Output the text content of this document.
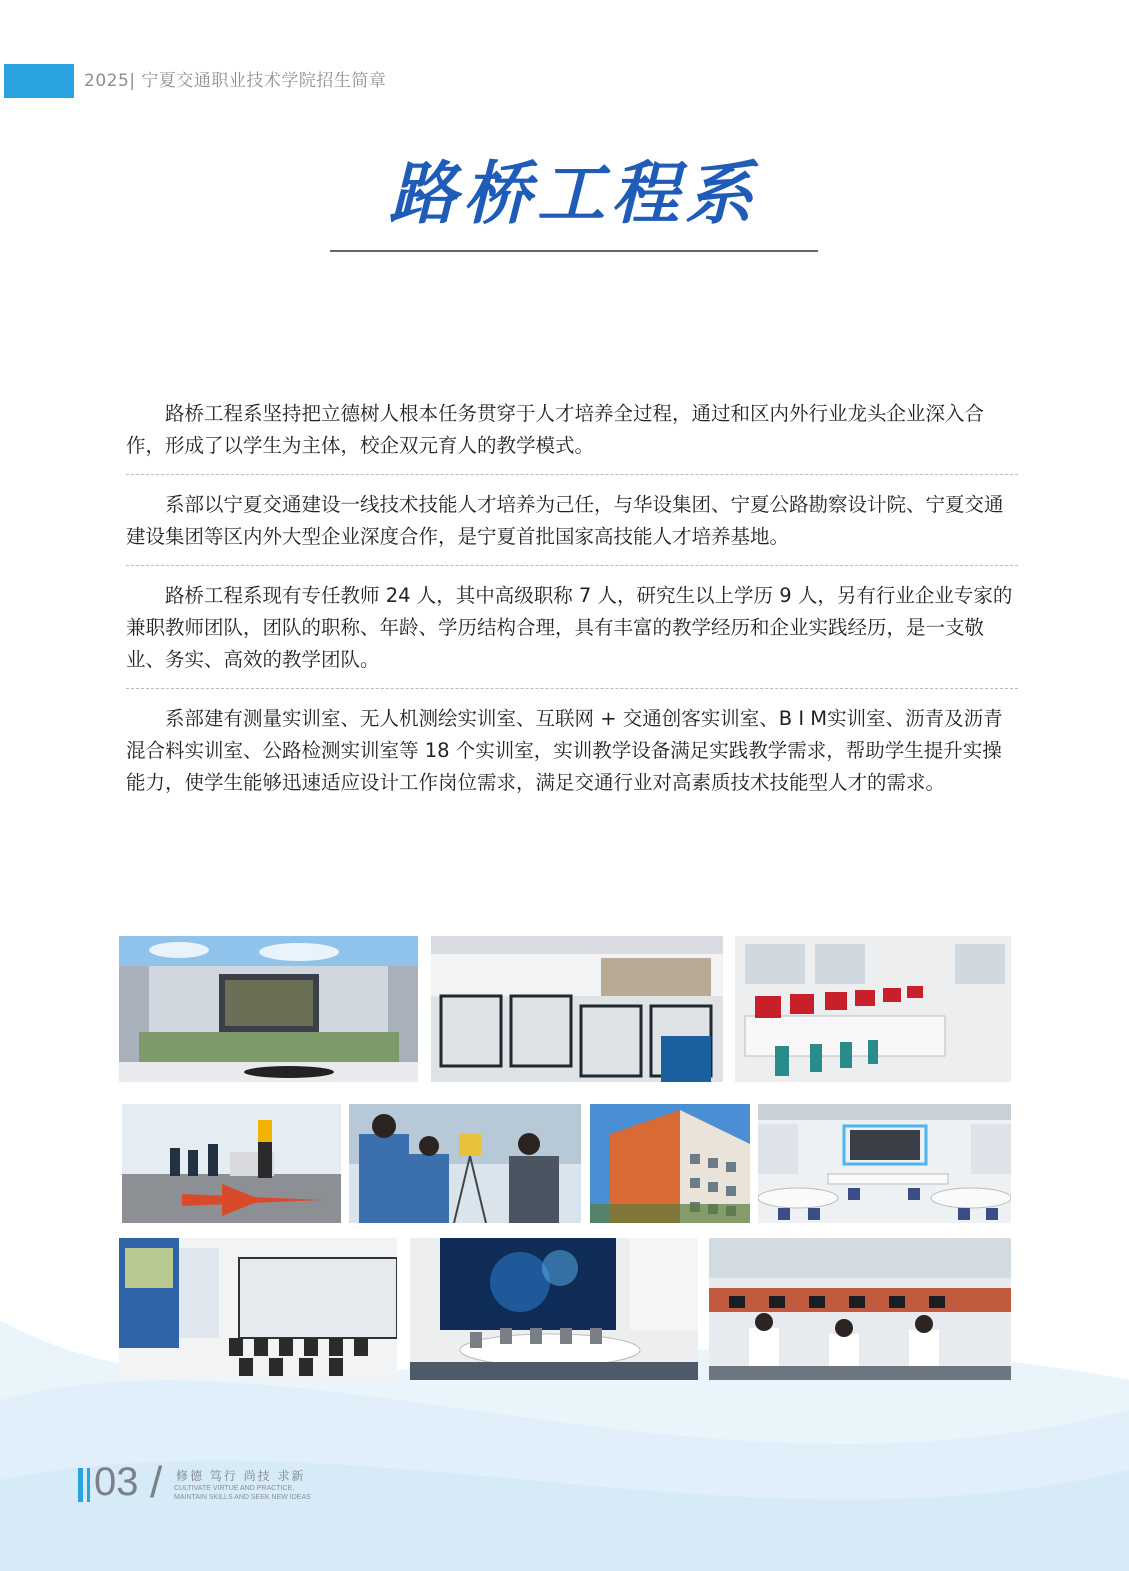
2025| 宁夏交通职业技术学院招生简章
路桥工程系

路桥工程系坚持把立德树人根本任务贯穿于人才培养全过程，通过和区内外行业龙头企业深入合作，形成了以学生为主体，校企双元育人的教学模式。

系部以宁夏交通建设一线技术技能人才培养为己任，与华设集团、宁夏公路勘察设计院、宁夏交通建设集团等区内外大型企业深度合作，是宁夏首批国家高技能人才培养基地。

路桥工程系现有专任教师 24 人，其中高级职称 7 人，研究生以上学历 9 人，另有行业企业专家的兼职教师团队，团队的职称、年龄、学历结构合理，具有丰富的教学经历和企业实践经历，是一支敬业、务实、高效的教学团队。

系部建有测量实训室、无人机测绘实训室、互联网 + 交通创客实训室、B I M实训室、沥青及沥青混合料实训室、公路检测实训室等 18 个实训室，实训教学设备满足实践教学需求，帮助学生提升实操能力，使学生能够迅速适应设计工作岗位需求，满足交通行业对高素质技术技能型人才的需求。

03 / 修德 笃行 尚技 求新
CULTIVATE VIRTUE AND PRACTICE, MAINTAIN SKILLS AND SEEK NEW IDEAS
